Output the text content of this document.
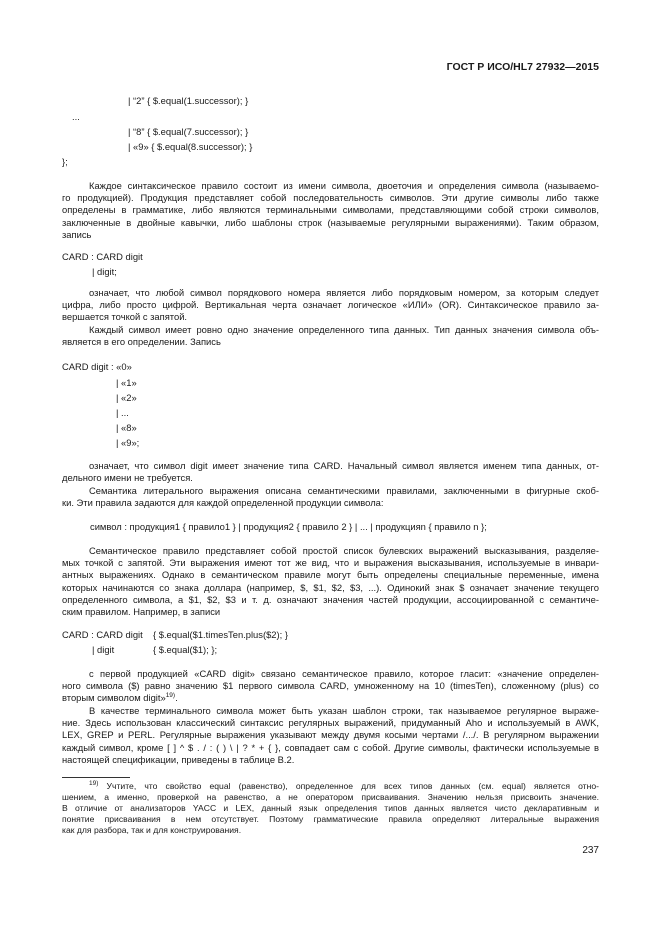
ГОСТ Р ИСО/HL7 27932—2015
| “2” { $.equal(1.successor); }
...
| “8” { $.equal(7.successor); }
| «9» { $.equal(8.successor); }
};
Каждое синтаксическое правило состоит из имени символа, двоеточия и определения символа (называемо-
го продукцией). Продукция представляет собой последовательность символов. Эти другие символы либо также
определены в грамматике, либо являются терминальными символами, представляющими собой строки символов,
заключенные в двойные кавычки, либо шаблоны строк (называемые регулярными выражениями). Таким образом,
запись
CARD : CARD digit
| digit;
означает, что любой символ порядкового номера является либо порядковым номером, за которым следует
цифра, либо просто цифрой. Вертикальная черта означает логическое «ИЛИ» (OR). Синтаксическое правило за-
вершается точкой с запятой.
Каждый символ имеет ровно одно значение определенного типа данных. Тип данных значения символа объ-
является в его определении. Запись
CARD digit : «0»
| «1»
| «2»
| ...
| «8»
| «9»;
означает, что символ digit имеет значение типа CARD. Начальный символ является именем типа данных, от-
дельного имени не требуется.
Семантика литерального выражения описана семантическими правилами, заключенными в фигурные скоб-
ки. Эти правила задаются для каждой определенной продукции символа:
символ : продукция1 { правило1 } | продукция2 { правило 2 } | ... | продукцияn { правило n };
Семантическое правило представляет собой простой список булевских выражений высказывания, разделяе-
мых точкой с запятой. Эти выражения имеют тот же вид, что и выражения высказывания, используемые в инвари-
антных выражениях. Однако в семантическом правиле могут быть определены специальные переменные, имена
которых начинаются со знака доллара (например, $, $1, $2, $3, ...). Одинокий знак $ означает значение текущего
определенного символа, а $1, $2, $3 и т. д. означают значения частей продукции, ассоциированной с семантиче-
ским правилом. Например, в записи
CARD : CARD digit { $.equal($1.timesTen.plus($2); }
| digit	{ $.equal($1); };
с первой продукцией «CARD digit» связано семантическое правило, которое гласит: «значение определен-
ного символа ($) равно значению $1 первого символа CARD, умноженному на 10 (timesTen), сложенному (plus) со
вторым символом digit»$^{19)}$.
В качестве терминального символа может быть указан шаблон строки, так называемое регулярное выраже-
ние. Здесь использован классический синтаксис регулярных выражений, придуманный Aho и используемый в AWK,
LEX, GREP и PERL. Регулярные выражения указывают между двумя косыми чертами /.../. В регулярном выражении
каждый символ, кроме [ ] ^ $ . / : ( ) \ | ? * + { }, совпадает сам с собой. Другие символы, фактически используемые в
настоящей спецификации, приведены в таблице В.2.
$^{19)}$ Учтите, что свойство equal (равенство), определенное для всех типов данных (см. equal) является отно-
шением, а именно, проверкой на равенство, а не оператором присваивания. Значению нельзя присвоить значение.
В отличие от анализаторов YACC и LEX, данный язык определения типов данных является чисто декларативным и
понятие присваивания в нем отсутствует. Поэтому грамматические правила определяют литеральные выражения
как для разбора, так и для конструирования.
237
